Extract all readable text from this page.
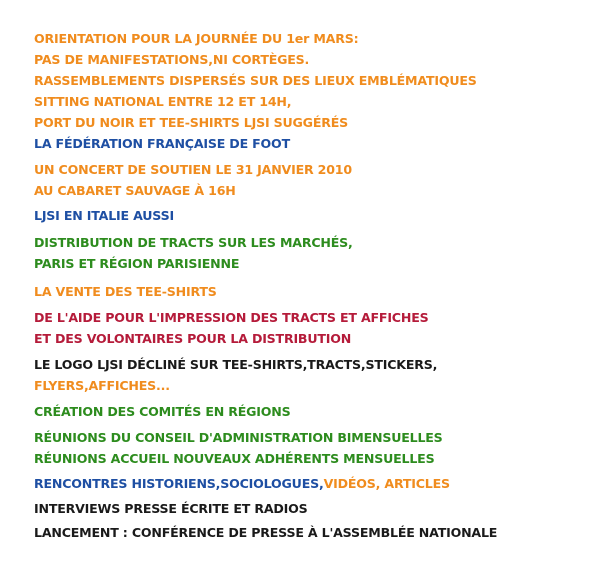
ORIENTATION POUR LA JOURNÉE DU 1er MARS:
PAS DE MANIFESTATIONS,NI CORTÈGES.
RASSEMBLEMENTS DISPERSÉS SUR DES LIEUX EMBLÉMATIQUES
SITTING NATIONAL ENTRE 12 ET 14H,
PORT DU NOIR ET TEE-SHIRTS LJSI SUGGÉRÉS

LA FÉDÉRATION FRANÇAISE DE FOOT

UN CONCERT DE SOUTIEN LE 31 JANVIER 2010
AU CABARET SAUVAGE À 16H

LJSI EN ITALIE AUSSI

DISTRIBUTION DE TRACTS SUR LES MARCHÉS,
PARIS ET RÉGION PARISIENNE

LA VENTE DES TEE-SHIRTS

DE L'AIDE POUR L'IMPRESSION DES TRACTS ET AFFICHES
ET DES VOLONTAIRES POUR LA DISTRIBUTION

LE LOGO LJSI DÉCLINÉ SUR TEE-SHIRTS,TRACTS,STICKERS,
FLYERS,AFFICHES...

CRÉATION DES COMITÉS EN RÉGIONS

RÉUNIONS DU CONSEIL D'ADMINISTRATION BIMENSUELLES
RÉUNIONS ACCUEIL NOUVEAUX ADHÉRENTS MENSUELLES

RENCONTRES HISTORIENS,SOCIOLOGUES,VIDÉOS, ARTICLES

INTERVIEWS PRESSE ÉCRITE ET RADIOS

LANCEMENT : CONFÉRENCE DE PRESSE À L'ASSEMBLÉE NATIONALE
